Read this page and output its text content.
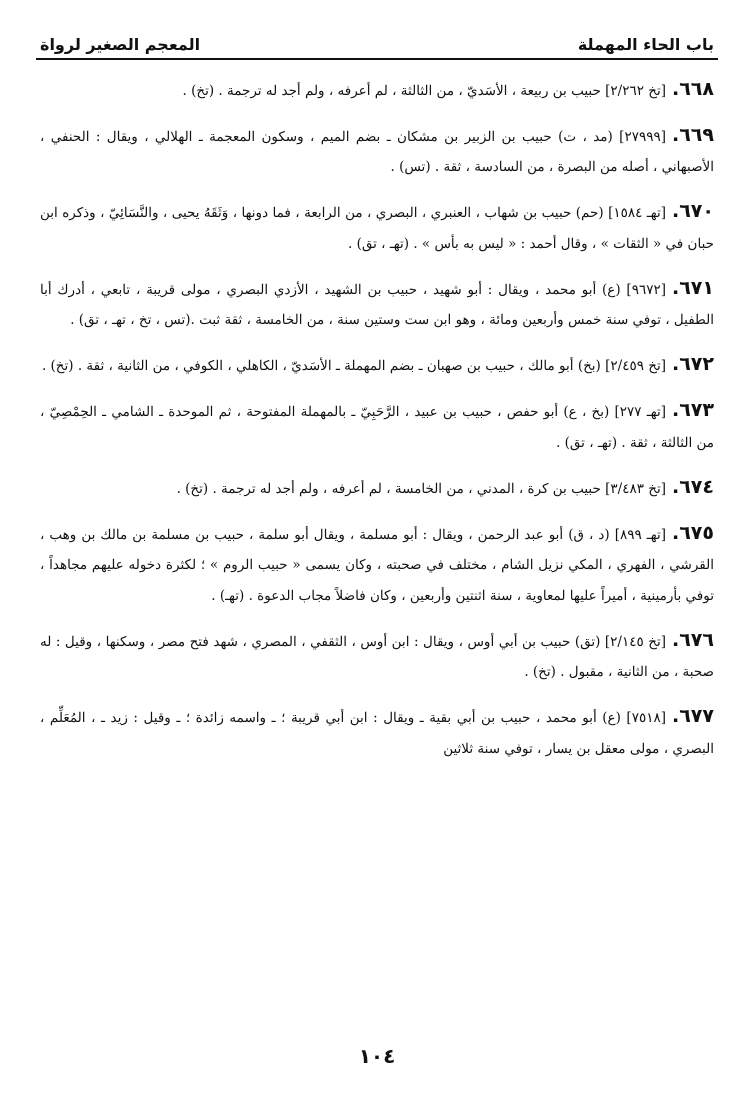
باب الحاء المهملة
المعجم الصغير لرواة

٦٦٨.[تخ ٢/٢٦٢] حبيب بن ربيعة ، الأسَديّ ، من الثالثة ، لم أعرفه ، ولم أجد له ترجمة . (تخ) .

٦٦٩.[٢٧٩٩٩] (مد ، ت) حبيب بن الزبير بن مشكان ـ بضم الميم ، وسكون المعجمة ـ الهلالي ، ويقال : الحنفي ، الأصبهاني ، أصله من البصرة ، من السادسة ، ثقة . (تس) .

٦٧٠.[تهـ ١٥٨٤] (حم) حبيب بن شهاب ، العنبري ، البصري ، من الرابعة ، فما دونها ، وَثَقَهُ يحيى ، والنَّسَائِيّ ، وذكره ابن حبان في « الثقات » ، وقال أحمد : « ليس به بأس » . (تهـ ، تق) .

٦٧١.[٩٦٧٢] (ع) أبو محمد ، ويقال : أبو شهيد ، حبيب بن الشهيد ، الأزدي البصري ، مولى قريبة ، تابعي ، أدرك أبا الطفيل ، توفي سنة خمس وأربعين ومائة ، وهو ابن ست وستين سنة ، من الخامسة ، ثقة ثبت .(تس ، تخ ، تهـ ، تق) .

٦٧٢.[تخ ٢/٤٥٩] (بخ) أبو مالك ، حبيب بن صهبان ـ بضم المهملة ـ الأسَديّ ، الكاهلي ، الكوفي ، من الثانية ، ثقة . (تخ) .

٦٧٣.[تهـ ٢٧٧] (بخ ، ع) أبو حفص ، حبيب بن عبيد ، الرَّحَبِيّ ـ بالمهملة المفتوحة ، ثم الموحدة ـ الشامي ـ الحِمْصِيّ ، من الثالثة ، ثقة . (تهـ ، تق) .

٦٧٤.[تخ ٣/٤٨٣] حبيب بن كرة ، المدني ، من الخامسة ، لم أعرفه ، ولم أجد له ترجمة . (تخ) .

٦٧٥.[تهـ ٨٩٩] (د ، ق) أبو عبد الرحمن ، ويقال : أبو مسلمة ، ويقال أبو سلمة ، حبيب بن مسلمة بن مالك بن وهب ، القرشي ، الفهري ، المكي نزيل الشام ، مختلف في صحبته ، وكان يسمى « حبيب الروم » ؛ لكثرة دخوله عليهم مجاهداً ، توفي بأرمينية ، أميراً عليها لمعاوية ، سنة اثنتين وأربعين ، وكان فاضلاً مجاب الدعوة . (تهـ) .

٦٧٦.[تخ ٢/١٤٥] (تق) حبيب بن أبي أوس ، ويقال : ابن أوس ، الثقفي ، المصري ، شهد فتح مصر ، وسكنها ، وقيل : له صحبة ، من الثانية ، مقبول . (تخ) .

٦٧٧.[٧٥١٨] (ع) أبو محمد ، حبيب بن أبي بقية ـ ويقال : ابن أبي قريبة ؛ ـ واسمه زائدة ؛ ـ وقيل : زيد ـ ، المُعَلِّم ، البصري ، مولى معقل بن يسار ، توفي سنة ثلاثين

١٠٤
